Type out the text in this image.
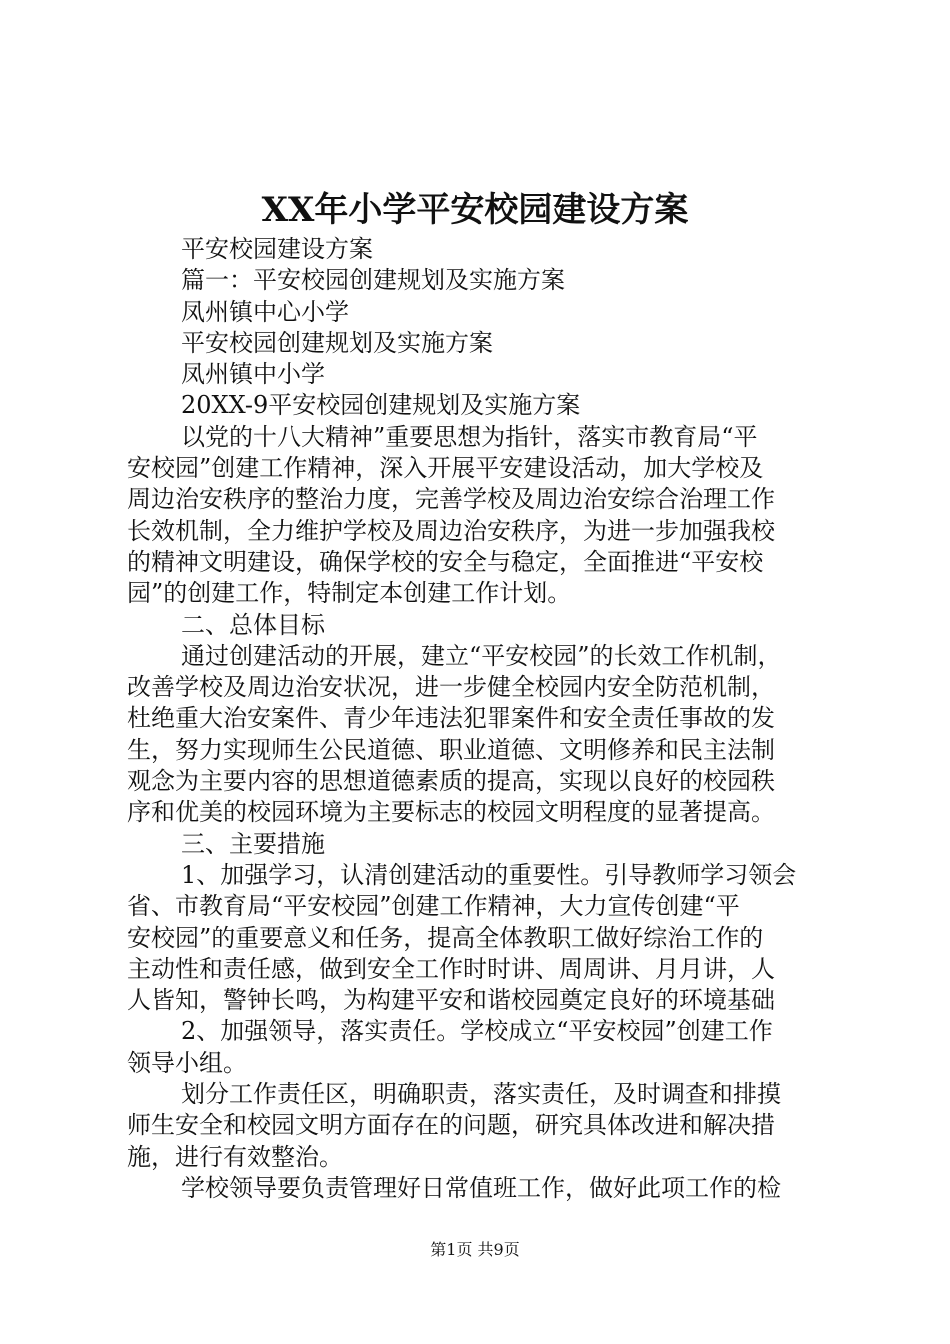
XX年小学平安校园建设方案
平安校园建设方案
篇一：平安校园创建规划及实施方案
凤州镇中心小学
平安校园创建规划及实施方案
凤州镇中小学
20XX-9平安校园创建规划及实施方案
以党的十八大精神”重要思想为指针，落实市教育局“平
安校园”创建工作精神，深入开展平安建设活动，加大学校及
周边治安秩序的整治力度，完善学校及周边治安综合治理工作
长效机制，全力维护学校及周边治安秩序，为进一步加强我校
的精神文明建设，确保学校的安全与稳定，全面推进“平安校
园”的创建工作，特制定本创建工作计划。
二、总体目标
通过创建活动的开展，建立“平安校园”的长效工作机制，
改善学校及周边治安状况，进一步健全校园内安全防范机制，
杜绝重大治安案件、青少年违法犯罪案件和安全责任事故的发
生，努力实现师生公民道德、职业道德、文明修养和民主法制
观念为主要内容的思想道德素质的提高，实现以良好的校园秩
序和优美的校园环境为主要标志的校园文明程度的显著提高。
三、主要措施
1、加强学习，认清创建活动的重要性。引导教师学习领会
省、市教育局“平安校园”创建工作精神，大力宣传创建“平
安校园”的重要意义和任务，提高全体教职工做好综治工作的
主动性和责任感，做到安全工作时时讲、周周讲、月月讲，人
人皆知，警钟长鸣，为构建平安和谐校园奠定良好的环境基础
2、加强领导，落实责任。学校成立“平安校园”创建工作
领导小组。
划分工作责任区，明确职责，落实责任，及时调查和排摸
师生安全和校园文明方面存在的问题，研究具体改进和解决措
施，进行有效整治。
学校领导要负责管理好日常值班工作，做好此项工作的检
第1页 共9页
